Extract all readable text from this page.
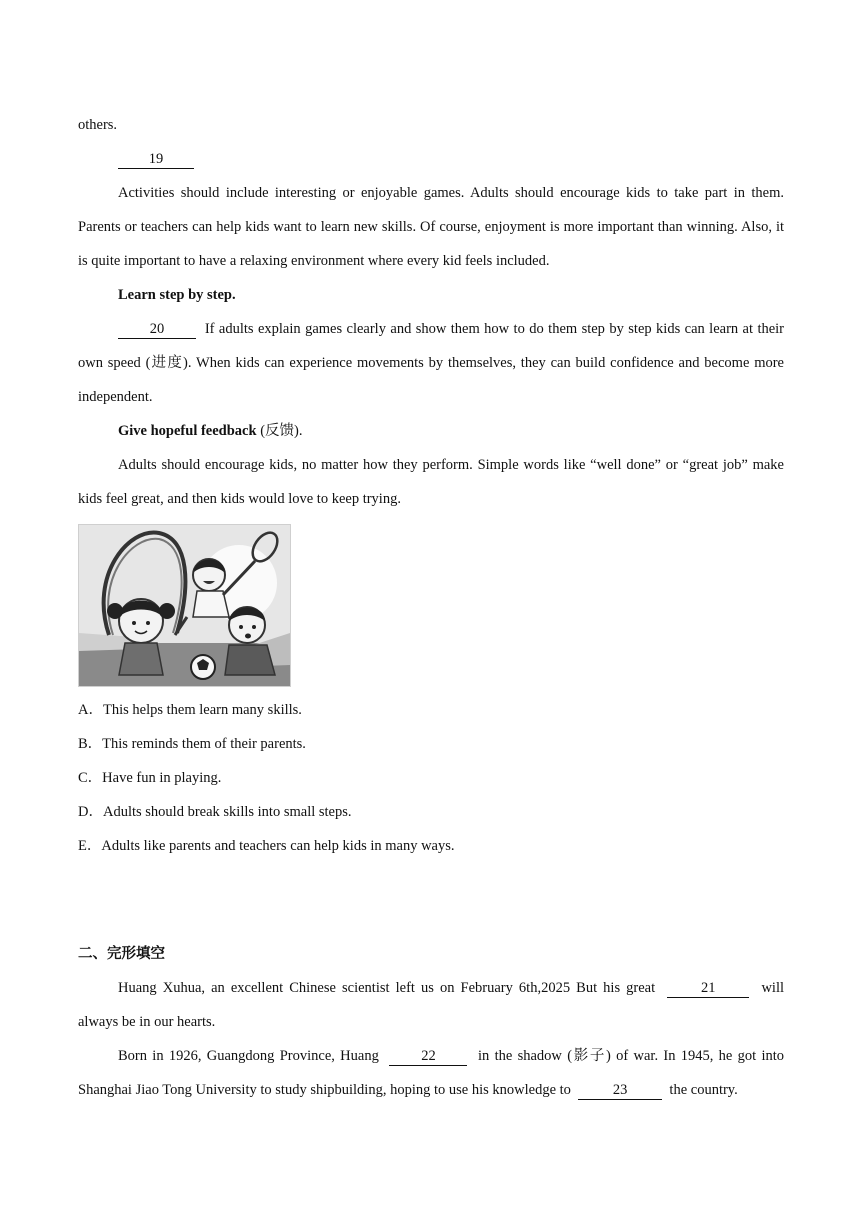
others.

19

Activities should include interesting or enjoyable games. Adults should encourage kids to take part in them. Parents or teachers can help kids want to learn new skills. Of course, enjoyment is more important than winning. Also, it is quite important to have a relaxing environment where every kid feels included.

Learn step by step.

20	If adults explain games clearly and show them how to do them step by step kids can learn at their own speed (进度). When kids can experience movements by themselves, they can build confidence and become more independent.

Give hopeful feedback (反馈).

Adults should encourage kids, no matter how they perform. Simple words like “well done” or “great job” make kids feel great, and then kids would love to keep trying.

A．This helps them learn many skills.

B．This reminds them of their parents.

C．Have fun in playing.

D．Adults should break skills into small steps.

E．Adults like parents and teachers can help kids in many ways.

二、完形填空

Huang Xuhua, an excellent Chinese scientist left us on February 6th,2025 But his great	21	will always be in our hearts.

Born in 1926, Guangdong Province, Huang	22	in the shadow (影子) of war. In 1945, he got into Shanghai Jiao Tong University to study shipbuilding, hoping to use his knowledge to	23	the country.
